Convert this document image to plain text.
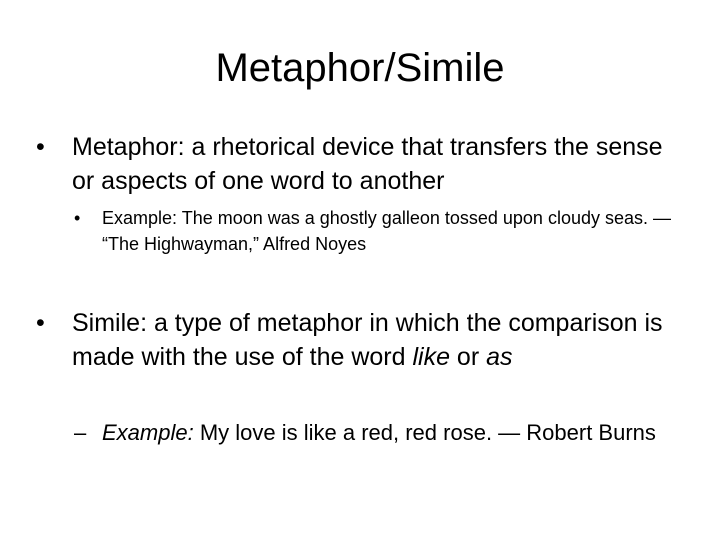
Metaphor/Simile
•	Metaphor: a rhetorical device that transfers the sense or aspects of one word to another
•	Example: The moon was a ghostly galleon tossed upon cloudy seas. — “The Highwayman,” Alfred Noyes
•	Simile: a type of metaphor in which the comparison is made with the use of the word like or as
– Example: My love is like a red, red rose. — Robert Burns
